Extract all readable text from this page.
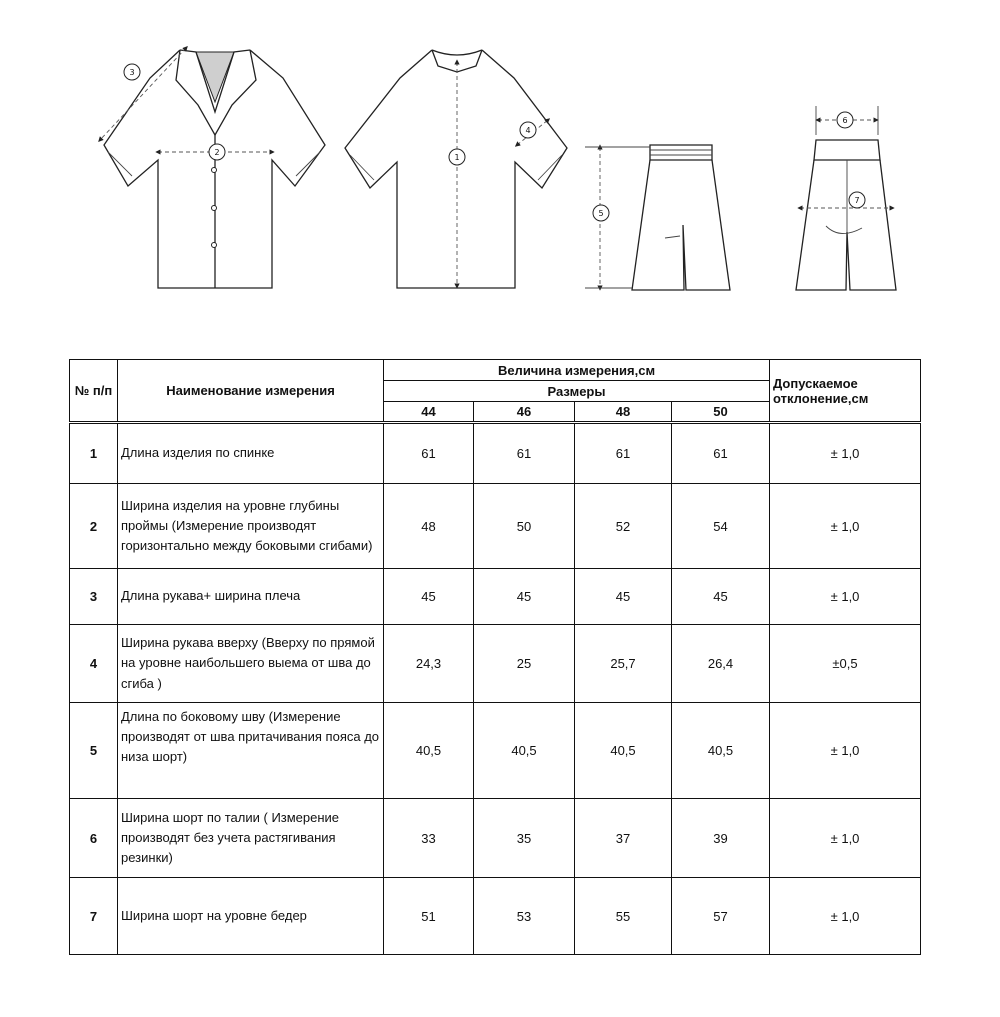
2
3
1
4
5
6
7
№ п/п	Наименование измерения	Величина измерения,см				Допускаемое
отклонение,см
		Размеры				
		44	46	48	50	
1	Длина изделия по спинке	61	61	61	61	± 1,0
2	Ширина изделия на уровне глубины проймы (Измерение производят горизонтально между боковыми сгибами)	48	50	52	54	± 1,0
3	Длина рукава+ ширина плеча	45	45	45	45	± 1,0
4	Ширина рукава вверху (Вверху по прямой на уровне наибольшего выема от шва до сгиба )	24,3	25	25,7	26,4	±0,5
5	Длина по боковому шву (Измерение производят от шва притачивания пояса до низа шорт)	40,5	40,5	40,5	40,5	± 1,0
6	Ширина шорт по талии ( Измерение производят без учета растягивания резинки)	33	35	37	39	± 1,0
7	Ширина шорт на уровне бедер	51	53	55	57	± 1,0
